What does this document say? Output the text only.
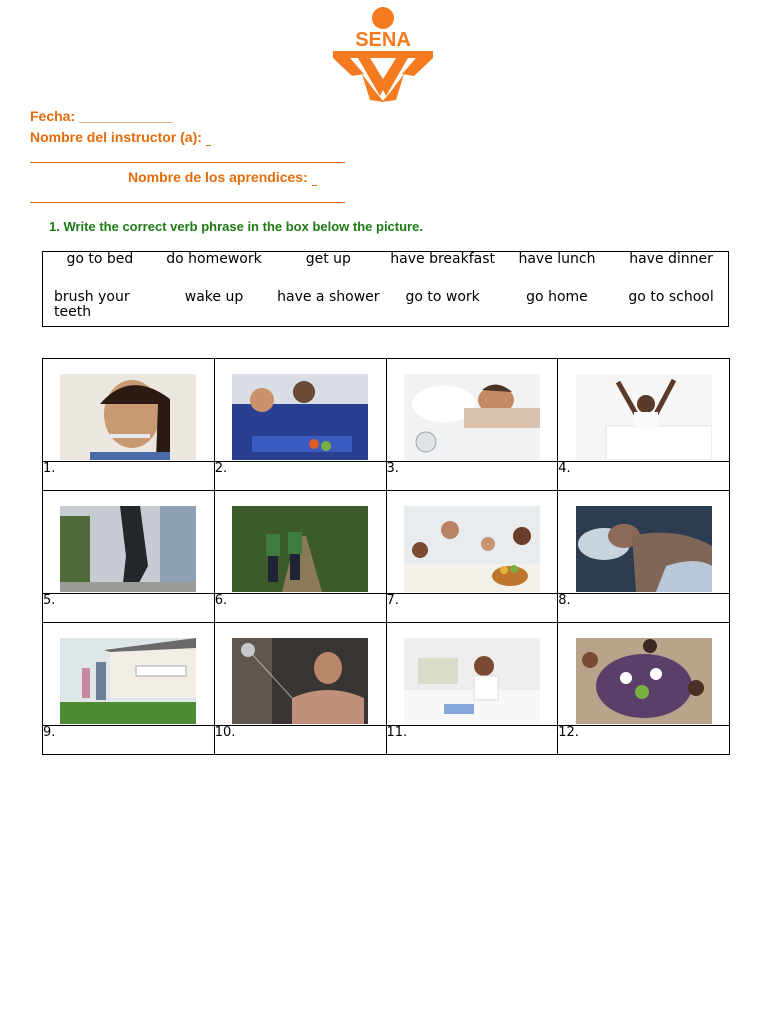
SENA
Fecha: ____________
Nombre del instructor (a):
Nombre de los aprendices:
1. Write the correct verb phrase in the box below the picture.
go to bed	do homework	get up	have breakfast	have lunch	have dinner
brush your teeth	wake up	have a shower	go to work	go home	go to school

1.	2.	3.	4.

5.	6.	7.	8.

9.	10.	11.	12.
